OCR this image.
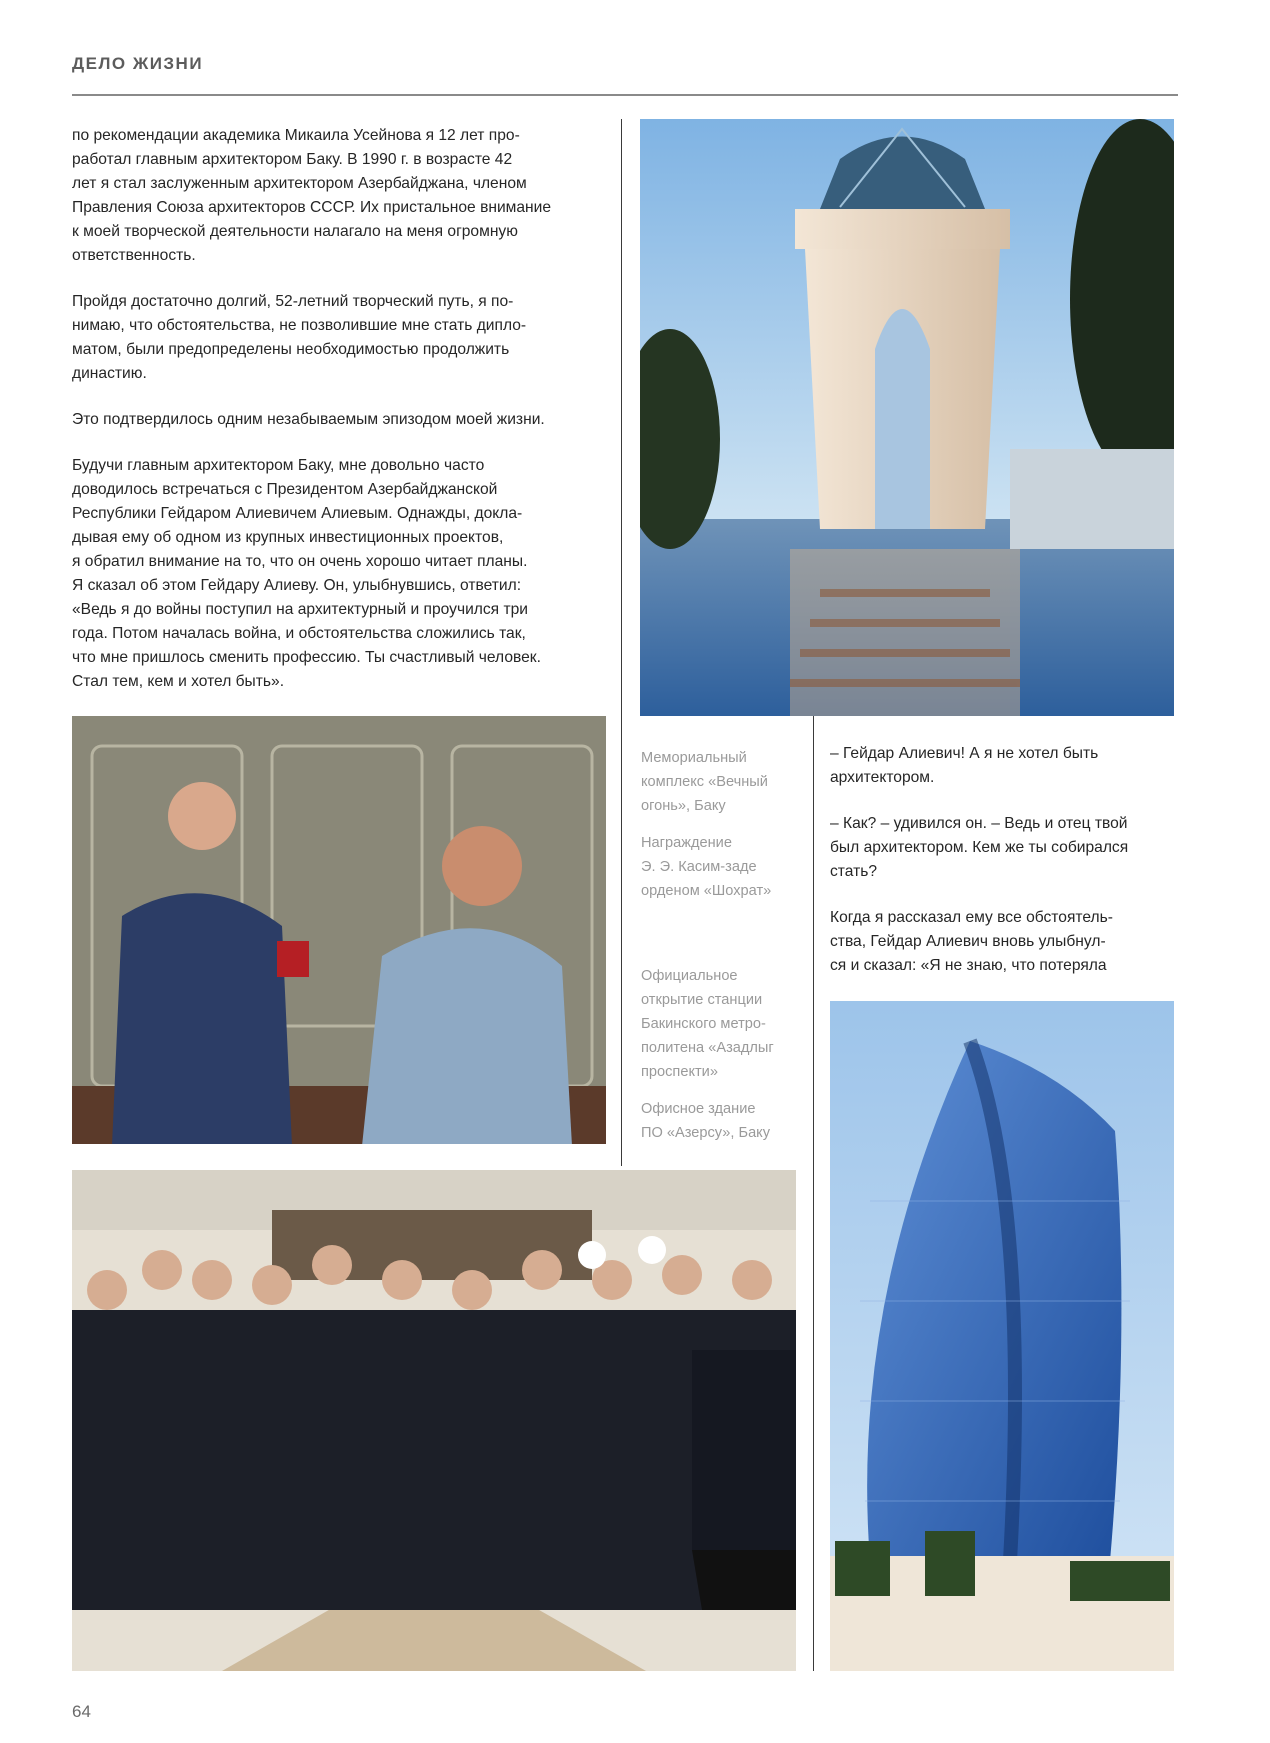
ДЕЛО ЖИЗНИ

по рекомендации академика Микаила Усейнова я 12 лет про-
работал главным архитектором Баку. В 1990 г. в возрасте 42
лет я стал заслуженным архитектором Азербайджана, членом
Правления Союза архитекторов СССР. Их пристальное внимание
к моей творческой деятельности налагало на меня огромную
ответственность.

Пройдя достаточно долгий, 52-летний творческий путь, я по-
нимаю, что обстоятельства, не позволившие мне стать дипло-
матом, были предопределены необходимостью продолжить
династию.

Это подтвердилось одним незабываемым эпизодом моей жизни.

Будучи главным архитектором Баку, мне довольно часто
доводилось встречаться с Президентом Азербайджанской
Республики Гейдаром Алиевичем Алиевым. Однажды, докла-
дывая ему об одном из крупных инвестиционных проектов,
я обратил внимание на то, что он очень хорошо читает планы.
Я сказал об этом Гейдару Алиеву. Он, улыбнувшись, ответил:
«Ведь я до войны поступил на архитектурный и проучился три
года. Потом началась война, и обстоятельства сложились так,
что мне пришлось сменить профессию. Ты счастливый человек.
Стал тем, кем и хотел быть».

Мемориальный
комплекс «Вечный
огонь», Баку

Награждение
Э. Э. Касим-заде
орденом «Шохрат»

Официальное
открытие станции
Бакинского метро-
политена «Азадлыг
проспекти»

Офисное здание
ПО «Азерсу», Баку

– Гейдар Алиевич! А я не хотел быть
архитектором.

– Как? – удивился он. – Ведь и отец твой
был архитектором. Кем же ты собирался
стать?

Когда я рассказал ему все обстоятель-
ства, Гейдар Алиевич вновь улыбнул-
ся и сказал: «Я не знаю, что потеряла

64
